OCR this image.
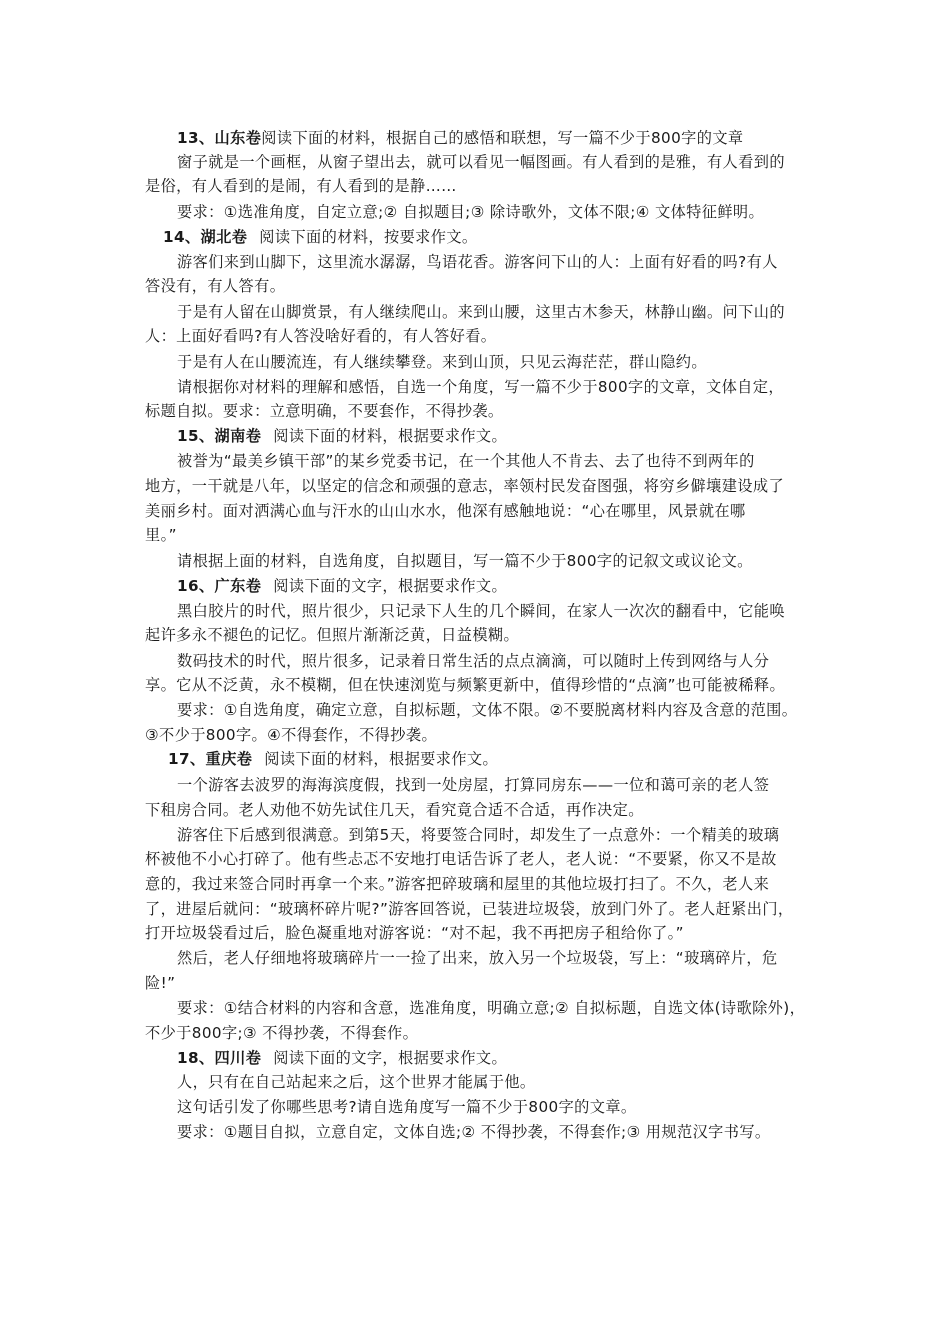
13、山东卷阅读下面的材料，根据自己的感悟和联想，写一篇不少于800字的文章
窗子就是一个画框，从窗子望出去，就可以看见一幅图画。有人看到的是雅，有人看到的
是俗，有人看到的是闹，有人看到的是静……
要求：①选准角度，自定立意;② 自拟题目;③ 除诗歌外，文体不限;④ 文体特征鲜明。
14、湖北卷 阅读下面的材料，按要求作文。
游客们来到山脚下，这里流水潺潺，鸟语花香。游客问下山的人：上面有好看的吗?有人
答没有，有人答有。
于是有人留在山脚赏景，有人继续爬山。来到山腰，这里古木参天，林静山幽。问下山的
人：上面好看吗?有人答没啥好看的，有人答好看。
于是有人在山腰流连，有人继续攀登。来到山顶，只见云海茫茫，群山隐约。
请根据你对材料的理解和感悟，自选一个角度，写一篇不少于800字的文章，文体自定，
标题自拟。要求：立意明确，不要套作，不得抄袭。
15、湖南卷 阅读下面的材料，根据要求作文。
被誉为“最美乡镇干部”的某乡党委书记，在一个其他人不肯去、去了也待不到两年的
地方，一干就是八年，以坚定的信念和顽强的意志，率领村民发奋图强，将穷乡僻壤建设成了
美丽乡村。面对洒满心血与汗水的山山水水，他深有感触地说：“心在哪里，风景就在哪
里。”
请根据上面的材料，自选角度，自拟题目，写一篇不少于800字的记叙文或议论文。
16、广东卷 阅读下面的文字，根据要求作文。
黑白胶片的时代，照片很少，只记录下人生的几个瞬间，在家人一次次的翻看中，它能唤
起许多永不褪色的记忆。但照片渐渐泛黄，日益模糊。
数码技术的时代，照片很多，记录着日常生活的点点滴滴，可以随时上传到网络与人分
享。它从不泛黄，永不模糊，但在快速浏览与频繁更新中，值得珍惜的“点滴”也可能被稀释。
要求：①自选角度，确定立意，自拟标题，文体不限。②不要脱离材料内容及含意的范围。
③不少于800字。④不得套作，不得抄袭。
17、重庆卷 阅读下面的材料，根据要求作文。
一个游客去波罗的海海滨度假，找到一处房屋，打算同房东——一位和蔼可亲的老人签
下租房合同。老人劝他不妨先试住几天，看究竟合适不合适，再作决定。
游客住下后感到很满意。到第5天，将要签合同时，却发生了一点意外：一个精美的玻璃
杯被他不小心打碎了。他有些忐忑不安地打电话告诉了老人，老人说：“不要紧，你又不是故
意的，我过来签合同时再拿一个来。”游客把碎玻璃和屋里的其他垃圾打扫了。不久，老人来
了，进屋后就问：“玻璃杯碎片呢?”游客回答说，已装进垃圾袋，放到门外了。老人赶紧出门，
打开垃圾袋看过后，脸色凝重地对游客说：“对不起，我不再把房子租给你了。”
然后，老人仔细地将玻璃碎片一一捡了出来，放入另一个垃圾袋，写上：“玻璃碎片，危
险!”
要求：①结合材料的内容和含意，选准角度，明确立意;② 自拟标题，自选文体(诗歌除外)，
不少于800字;③ 不得抄袭，不得套作。
18、四川卷 阅读下面的文字，根据要求作文。
人，只有在自己站起来之后，这个世界才能属于他。
这句话引发了你哪些思考?请自选角度写一篇不少于800字的文章。
要求：①题目自拟，立意自定，文体自选;② 不得抄袭，不得套作;③ 用规范汉字书写。
